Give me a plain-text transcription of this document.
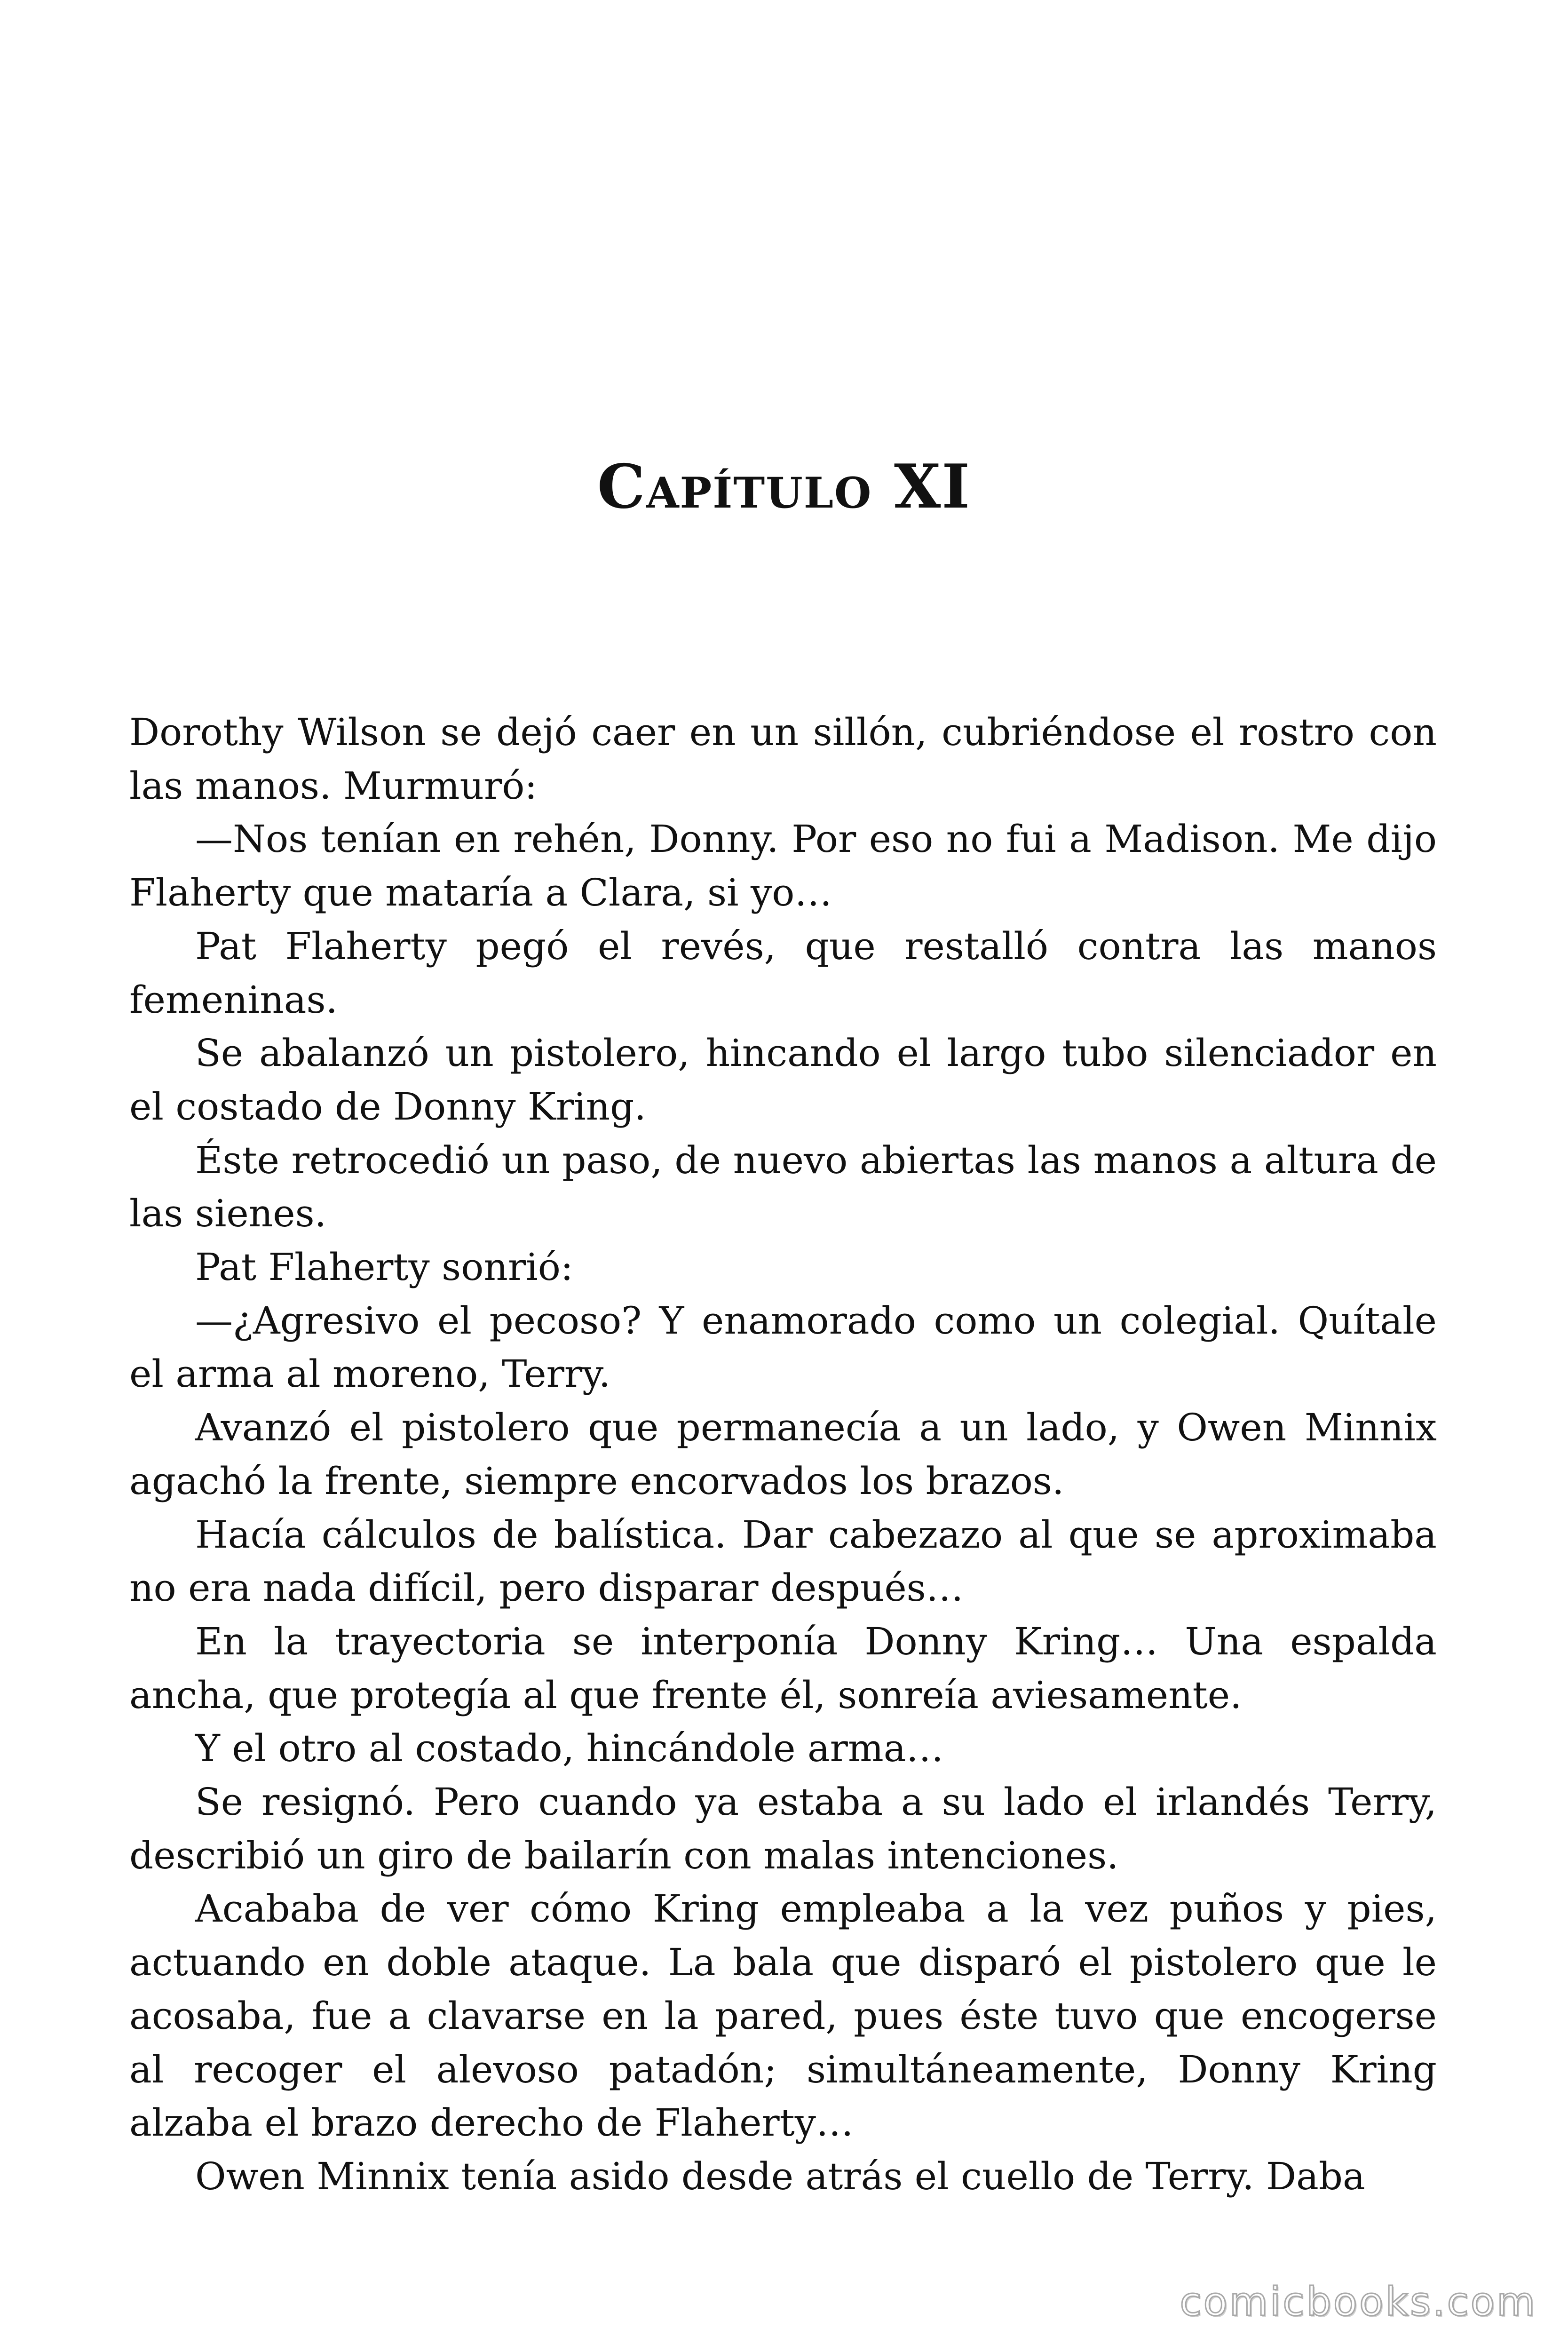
Capítulo XI

Dorothy Wilson se dejó caer en un sillón, cubriéndose el rostro con las manos. Murmuró:

—Nos tenían en rehén, Donny. Por eso no fui a Madison. Me dijo Flaherty que mataría a Clara, si yo…

Pat Flaherty pegó el revés, que restalló contra las manos femeninas.

Se abalanzó un pistolero, hincando el largo tubo silenciador en el costado de Donny Kring.

Éste retrocedió un paso, de nuevo abiertas las manos a altura de las sienes.

Pat Flaherty sonrió:

—¿Agresivo el pecoso? Y enamorado como un colegial. Quítale el arma al moreno, Terry.

Avanzó el pistolero que permanecía a un lado, y Owen Minnix agachó la frente, siempre encorvados los brazos.

Hacía cálculos de balística. Dar cabezazo al que se aproximaba no era nada difícil, pero disparar después…

En la trayectoria se interponía Donny Kring… Una espalda ancha, que protegía al que frente él, sonreía aviesamente.

Y el otro al costado, hincándole arma…

Se resignó. Pero cuando ya estaba a su lado el irlandés Terry, describió un giro de bailarín con malas intenciones.

Acababa de ver cómo Kring empleaba a la vez puños y pies, actuando en doble ataque. La bala que disparó el pistolero que le acosaba, fue a clavarse en la pared, pues éste tuvo que encogerse al recoger el alevoso patadón; simultáneamente, Donny Kring alzaba el brazo derecho de Flaherty…

Owen Minnix tenía asido desde atrás el cuello de Terry. Daba

comicbooks.com
